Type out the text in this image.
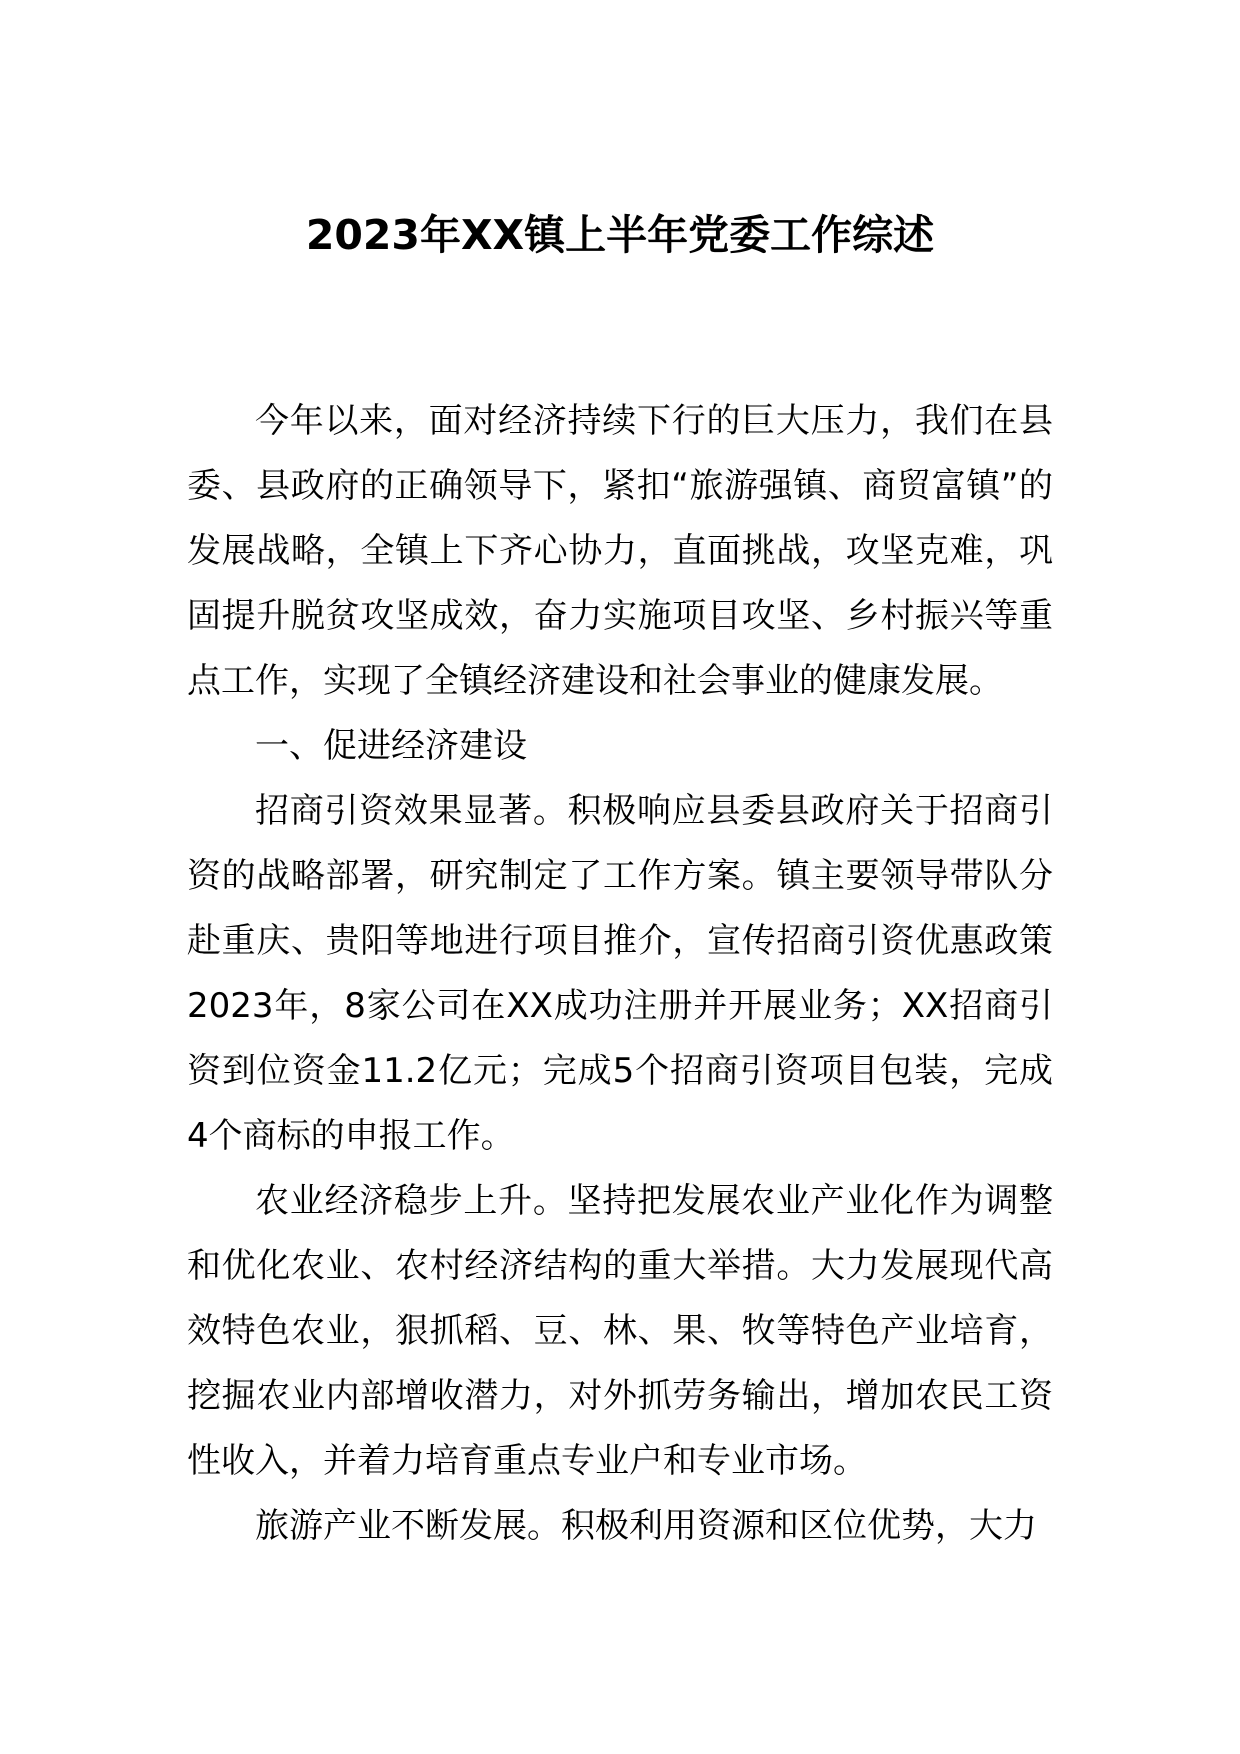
2023年XX镇上半年党委工作综述

今年以来，面对经济持续下行的巨大压力，我们在县委、县政府的正确领导下，紧扣“旅游强镇、商贸富镇”的发展战略，全镇上下齐心协力，直面挑战，攻坚克难，巩固提升脱贫攻坚成效，奋力实施项目攻坚、乡村振兴等重点工作，实现了全镇经济建设和社会事业的健康发展。

一、促进经济建设

招商引资效果显著。积极响应县委县政府关于招商引资的战略部署，研究制定了工作方案。镇主要领导带队分赴重庆、贵阳等地进行项目推介，宣传招商引资优惠政策2023年，8家公司在XX成功注册并开展业务；XX招商引资到位资金11.2亿元；完成5个招商引资项目包装，完成4个商标的申报工作。

农业经济稳步上升。坚持把发展农业产业化作为调整和优化农业、农村经济结构的重大举措。大力发展现代高效特色农业，狠抓稻、豆、林、果、牧等特色产业培育，挖掘农业内部增收潜力，对外抓劳务输出，增加农民工资性收入，并着力培育重点专业户和专业市场。

旅游产业不断发展。积极利用资源和区位优势，大力
